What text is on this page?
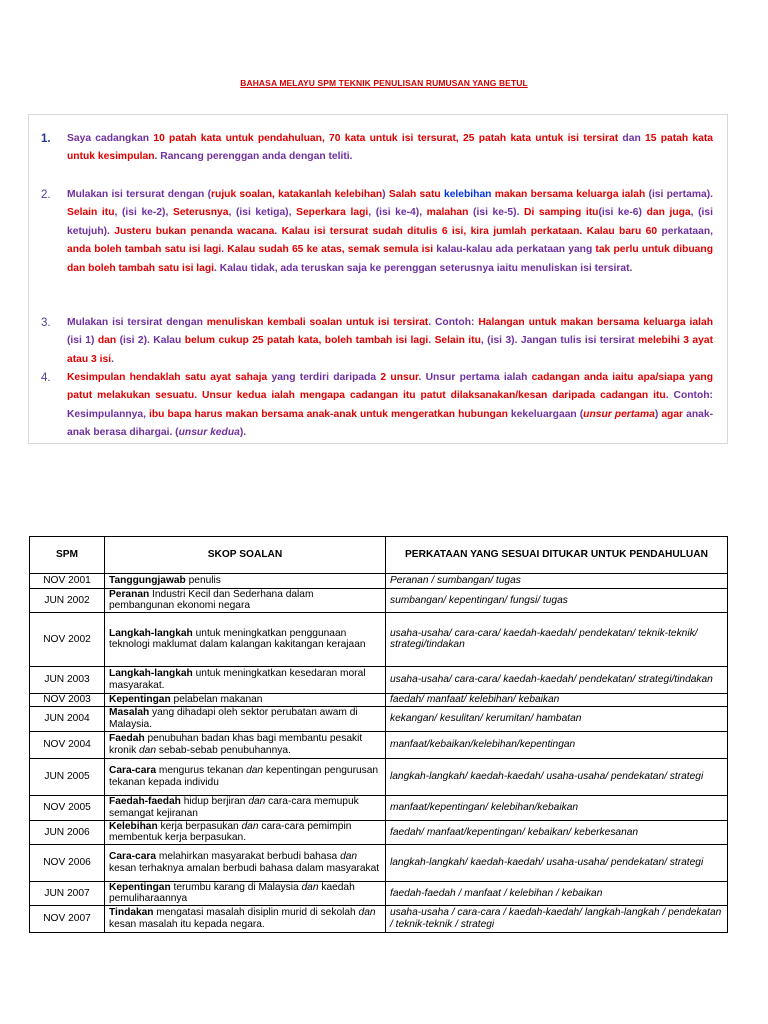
BAHASA MELAYU SPM TEKNIK PENULISAN RUMUSAN YANG BETUL
1. Saya cadangkan 10 patah kata untuk pendahuluan, 70 kata untuk isi tersurat, 25 patah kata untuk isi tersirat dan 15 patah kata untuk kesimpulan. Rancang perenggan anda dengan teliti.
2. Mulakan isi tersurat dengan (rujuk soalan, katakanlah kelebihan) Salah satu kelebihan makan bersama keluarga ialah (isi pertama). Selain itu, (isi ke-2), Seterusnya, (isi ketiga), Seperkara lagi, (isi ke-4), malahan (isi ke-5). Di samping itu(isi ke-6) dan juga, (isi ketujuh). Justeru bukan penanda wacana. Kalau isi tersurat sudah ditulis 6 isi, kira jumlah perkataan. Kalau baru 60 perkataan, anda boleh tambah satu isi lagi. Kalau sudah 65 ke atas, semak semula isi kalau-kalau ada perkataan yang tak perlu untuk dibuang dan boleh tambah satu isi lagi. Kalau tidak, ada teruskan saja ke perenggan seterusnya iaitu menuliskan isi tersirat.
3. Mulakan isi tersirat dengan menuliskan kembali soalan untuk isi tersirat. Contoh: Halangan untuk makan bersama keluarga ialah (isi 1) dan (isi 2). Kalau belum cukup 25 patah kata, boleh tambah isi lagi. Selain itu, (isi 3). Jangan tulis isi tersirat melebihi 3 ayat atau 3 isi.
4. Kesimpulan hendaklah satu ayat sahaja yang terdiri daripada 2 unsur. Unsur pertama ialah cadangan anda iaitu apa/siapa yang patut melakukan sesuatu. Unsur kedua ialah mengapa cadangan itu patut dilaksanakan/kesan daripada cadangan itu. Contoh: Kesimpulannya, ibu bapa harus makan bersama anak-anak untuk mengeratkan hubungan kekeluargaan (unsur pertama) agar anak-anak berasa dihargai. (unsur kedua).
SPM	SKOP SOALAN	PERKATAAN YANG SESUAI DITUKAR UNTUK PENDAHULUAN
NOV 2001	Tanggungjawab penulis	Peranan / sumbangan/ tugas
JUN 2002	Peranan Industri Kecil dan Sederhana dalam pembangunan ekonomi negara	sumbangan/ kepentingan/ fungsi/ tugas
NOV 2002	Langkah-langkah untuk meningkatkan penggunaan teknologi maklumat dalam kalangan kakitangan kerajaan	usaha-usaha/ cara-cara/ kaedah-kaedah/ pendekatan/ teknik-teknik/ strategi/tindakan
JUN 2003	Langkah-langkah untuk meningkatkan kesedaran moral masyarakat.	usaha-usaha/ cara-cara/ kaedah-kaedah/ pendekatan/ strategi/tindakan
NOV 2003	Kepentingan pelabelan makanan	faedah/ manfaat/ kelebihan/ kebaikan
JUN 2004	Masalah yang dihadapi oleh sektor perubatan awam di Malaysia.	kekangan/ kesulitan/ kerumitan/ hambatan
NOV 2004	Faedah penubuhan badan khas bagi membantu pesakit kronik dan sebab-sebab penubuhannya.	manfaat/kebaikan/kelebihan/kepentingan
JUN 2005	Cara-cara mengurus tekanan dan kepentingan pengurusan tekanan kepada individu	langkah-langkah/ kaedah-kaedah/ usaha-usaha/ pendekatan/ strategi
NOV 2005	Faedah-faedah hidup berjiran dan cara-cara memupuk semangat kejiranan	manfaat/kepentingan/ kelebihan/kebaikan
JUN 2006	Kelebihan kerja berpasukan dan cara-cara pemimpin membentuk kerja berpasukan.	faedah/ manfaat/kepentingan/ kebaikan/ keberkesanan
NOV 2006	Cara-cara melahirkan masyarakat berbudi bahasa dan kesan terhaknya amalan berbudi bahasa dalam masyarakat	langkah-langkah/ kaedah-kaedah/ usaha-usaha/ pendekatan/ strategi
JUN 2007	Kepentingan terumbu karang di Malaysia dan kaedah pemuliharaannya	faedah-faedah / manfaat / kelebihan / kebaikan
NOV 2007	Tindakan mengatasi masalah disiplin murid di sekolah dan kesan masalah itu kepada negara.	usaha-usaha / cara-cara / kaedah-kaedah/ langkah-langkah / pendekatan / teknik-teknik / strategi
